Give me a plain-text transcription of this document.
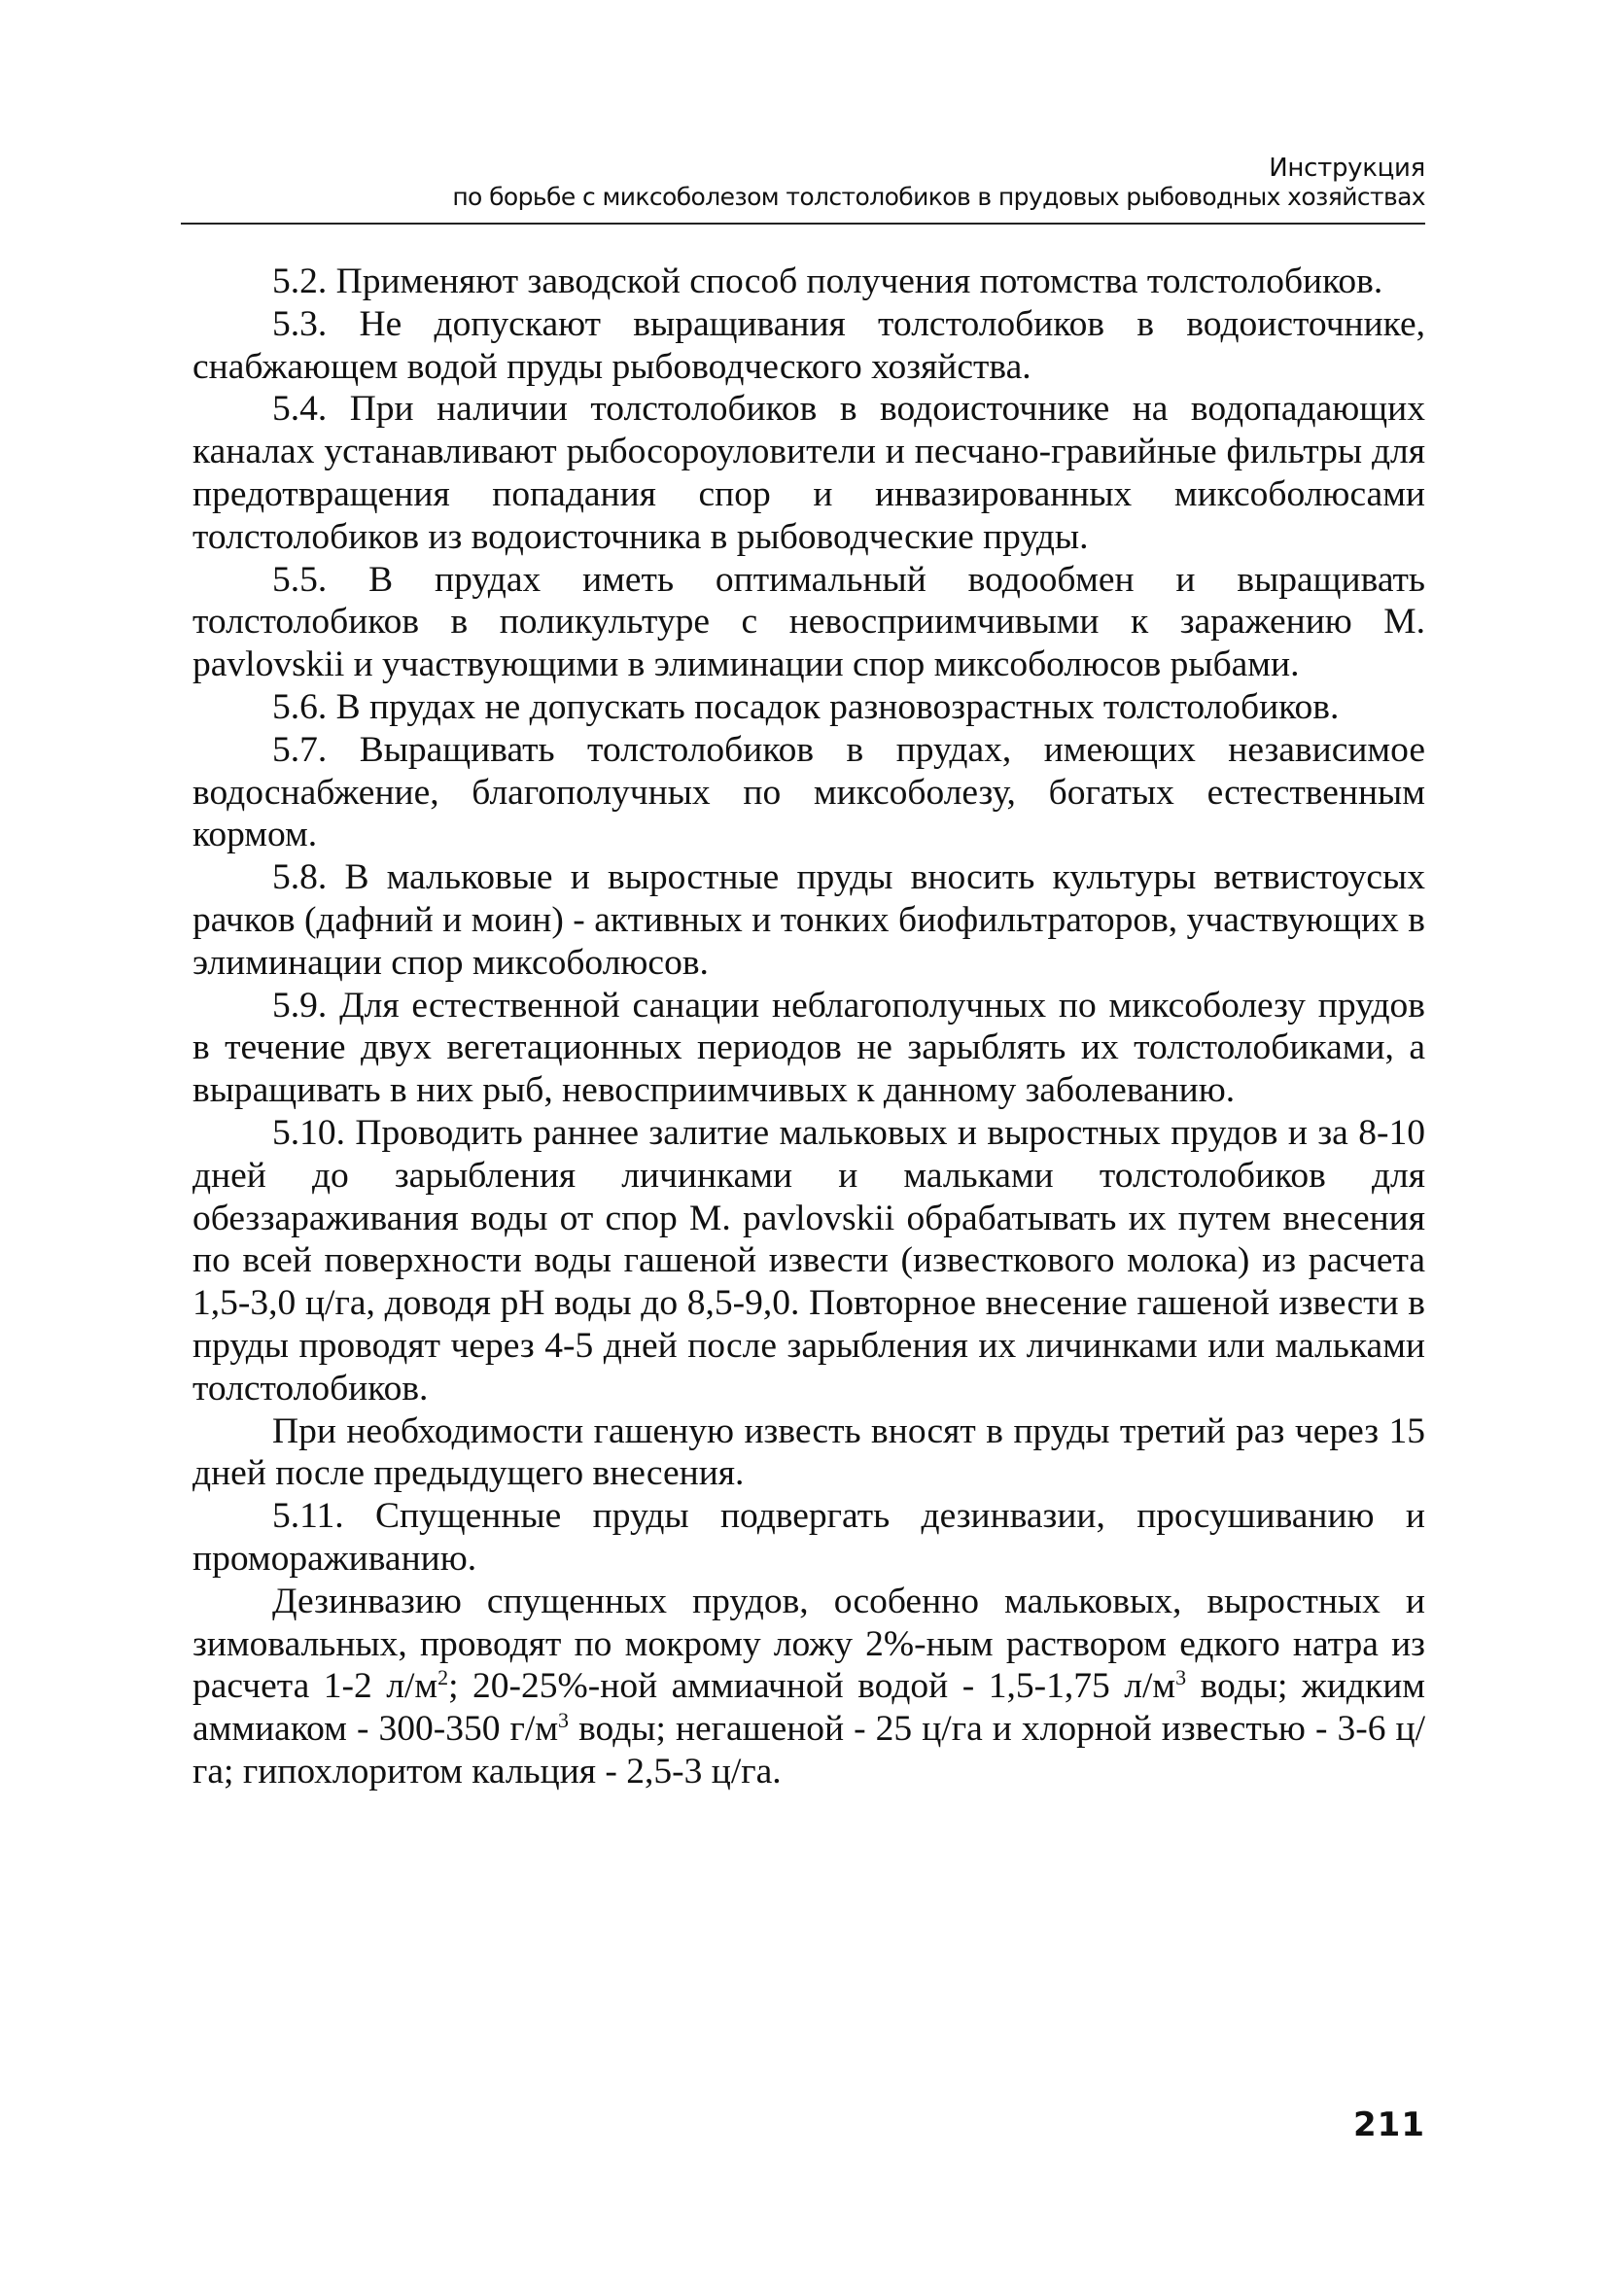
Инструкция
по борьбе с миксоболезом толстолобиков в прудовых рыбоводных хозяйствах

5.2. Применяют заводской способ получения потомства толстолобиков.

5.3. Не допускают выращивания толстолобиков в водоисточнике, снабжающем водой пруды рыбоводческого хозяйства.

5.4. При наличии толстолобиков в водоисточнике на водопадающих каналах устанавливают рыбосороуловители и песчано-гравийные фильтры для предотвращения попадания спор и инвазированных миксоболюсами толстолобиков из водоисточника в рыбоводческие пруды.

5.5. В прудах иметь оптимальный водообмен и выращивать толстолобиков в поликультуре с невосприимчивыми к заражению M. pavlovskii и участвующими в элиминации спор миксоболюсов рыбами.

5.6. В прудах не допускать посадок разновозрастных толстолобиков.

5.7. Выращивать толстолобиков в прудах, имеющих независимое водоснабжение, благополучных по миксоболезу, богатых естественным кормом.

5.8. В мальковые и выростные пруды вносить культуры ветвистоусых рачков (дафний и моин) - активных и тонких биофильтраторов, участвующих в элиминации спор миксоболюсов.

5.9. Для естественной санации неблагополучных по миксоболезу прудов в течение двух вегетационных периодов не зарыблять их толстолобиками, а выращивать в них рыб, невосприимчивых к данному заболеванию.

5.10. Проводить раннее залитие мальковых и выростных прудов и за 8-10 дней до зарыбления личинками и мальками толстолобиков для обеззараживания воды от спор M. pavlovskii обрабатывать их путем внесения по всей поверхности воды гашеной извести (известкового молока) из расчета 1,5-3,0 ц/га, доводя pH воды до 8,5-9,0. Повторное внесение гашеной извести в пруды проводят через 4-5 дней после зарыбления их личинками или мальками толстолобиков.

При необходимости гашеную известь вносят в пруды третий раз через 15 дней после предыдущего внесения.

5.11. Спущенные пруды подвергать дезинвазии, просушиванию и промораживанию.

Дезинвазию спущенных прудов, особенно мальковых, выростных и зимовальных, проводят по мокрому ложу 2%-ным раствором едкого натра из расчета 1-2 $л/м^2$; 20-25%-ной аммиачной водой - 1,5-1,75 $л/м^3$ воды; жидким аммиаком - 300-350 $г/м^3$ воды; негашеной - 25 ц/га и хлорной известью - 3-6 ц/га; гипохлоритом кальция - 2,5-3 ц/га.

211
